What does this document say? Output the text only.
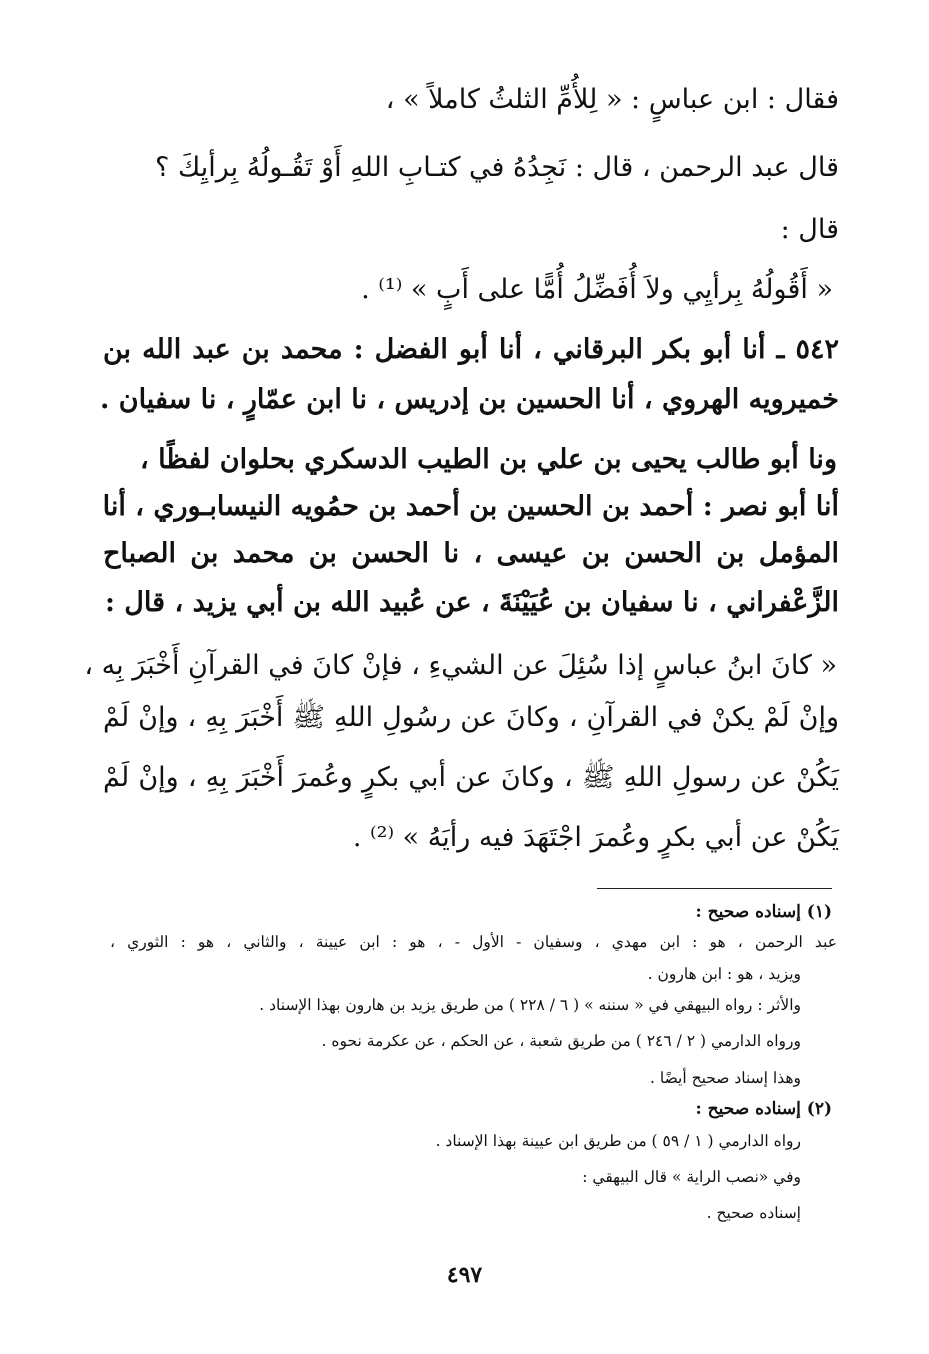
فقال : ابن عباسٍ : « لِلأُمِّ الثلثُ كاملاً » ،
قال عبد الرحمن ، قال : نَجِدُهُ في كتـابِ اللهِ أَوْ تَقُـولُهُ بِرأيِكَ ؟
قال :
« أَقُولُهُ بِرأيِي ولاَ أُفَضِّلُ أُمًّا على أَبٍ » ⁽¹⁾ .
٥٤٢ ـ أنا أبو بكر البرقاني ، أنا أبو الفضل : محمد بن عبد الله بن
خميرويه الهروي ، أنا الحسين بن إدريس ، نا ابن عمّارٍ ، نا سفيان .
ونا أبو طالب يحيى بن علي بن الطيب الدسكري بحلوان لفظًا ،
أنا أبو نصر : أحمد بن الحسين بن أحمد بن حمُويه النيسابـوري ، أنا
المؤمل بن الحسن بن عيسى ، نا الحسن بن محمد بن الصباح
الزَّعْفراني ، نا سفيان بن عُيَيْنَةَ ، عن عُبيد الله بن أبي يزيد ، قال :
« كانَ ابنُ عباسٍ إذا سُئِلَ عن الشيءِ ، فإنْ كانَ في القرآنِ أَخْبَرَ بِه ،
وإنْ لَمْ يكنْ في القرآنِ ، وكانَ عن رسُولِ اللهِ ﷺ أَخْبَرَ بِهِ ، وإنْ لَمْ
يَكُنْ عن رسولِ اللهِ ﷺ ، وكانَ عن أبي بكرٍ وعُمرَ أَخْبَرَ بِهِ ، وإنْ لَمْ
يَكُنْ عن أبي بكرٍ وعُمرَ اجْتَهَدَ فيه رأيَهُ » ⁽²⁾ .
(١) إسناده صحيح :
عبد الرحمن ، هو : ابن مهدي ، وسفيان - الأول - ، هو : ابن عيينة ، والثاني ، هو : الثوري ،
ويزيد ، هو : ابن هارون .
والأثر : رواه البيهقي في « سننه » ( ٦ / ٢٢٨ ) من طريق يزيد بن هارون بهذا الإسناد .
ورواه الدارمي ( ٢ / ٢٤٦ ) من طريق شعبة ، عن الحكم ، عن عكرمة نحوه .
وهذا إسناد صحيح أيضًا .
(٢) إسناده صحيح :
رواه الدارمي ( ١ / ٥٩ ) من طريق ابن عيينة بهذا الإسناد .
وفي «نصب الراية » قال البيهقي :
إسناده صحيح .
٤٩٧
